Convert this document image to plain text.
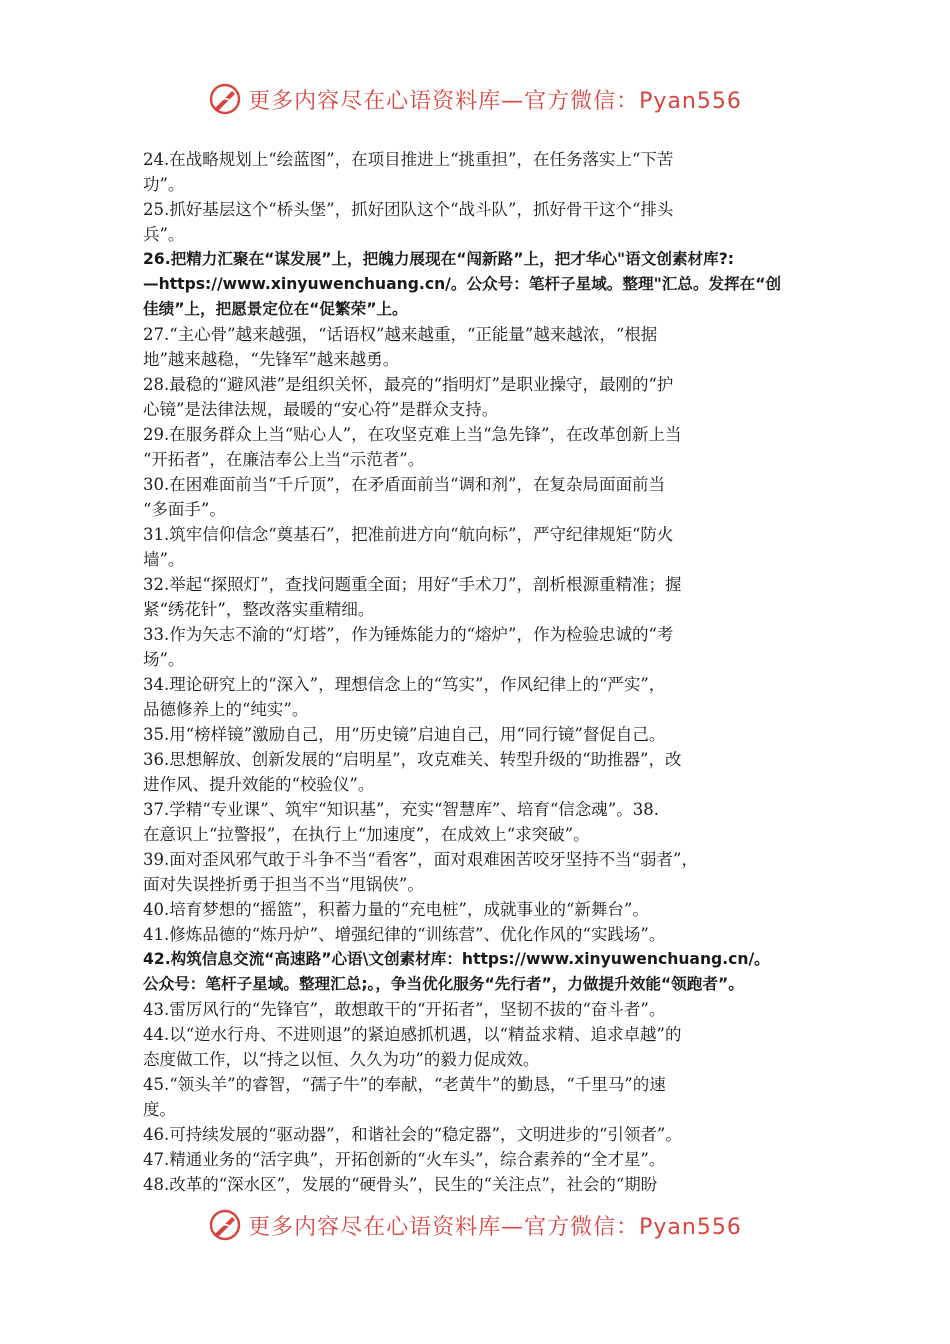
更多内容尽在心语资料库—官方微信：Pyan556
24.在战略规划上“绘蓝图”，在项目推进上“挑重担”，在任务落实上“下苦
功”。
25.抓好基层这个“桥头堡”，抓好团队这个“战斗队”，抓好骨干这个“排头
兵”。
26.把精力汇聚在“谋发展”上，把魄力展现在“闯新路”上，把才华心"语文创素材库?:
—https://www.xinyuwenchuang.cn/。公众号：笔杆子星域。整理"汇总。发挥在“创
佳绩”上，把愿景定位在“促繁荣”上。
27.“主心骨”越来越强，“话语权”越来越重，“正能量”越来越浓，“根据
地”越来越稳，“先锋军”越来越勇。
28.最稳的“避风港”是组织关怀，最亮的“指明灯”是职业操守，最刚的“护
心镜”是法律法规，最暖的“安心符”是群众支持。
29.在服务群众上当“贴心人”，在攻坚克难上当“急先锋”，在改革创新上当
“开拓者”，在廉洁奉公上当“示范者”。
30.在困难面前当“千斤顶”，在矛盾面前当“调和剂”，在复杂局面面前当
“多面手”。
31.筑牢信仰信念“奠基石”，把准前进方向“航向标”，严守纪律规矩“防火
墙”。
32.举起“探照灯”，查找问题重全面；用好“手术刀”，剖析根源重精准；握
紧“绣花针”，整改落实重精细。
33.作为矢志不渝的“灯塔”，作为锤炼能力的“熔炉”，作为检验忠诚的“考
场”。
34.理论研究上的“深入”，理想信念上的“笃实”，作风纪律上的“严实”，
品德修养上的“纯实”。
35.用“榜样镜”激励自己，用“历史镜”启迪自己，用“同行镜”督促自己。
36.思想解放、创新发展的“启明星”，攻克难关、转型升级的“助推器”，改
进作风、提升效能的“校验仪”。
37.学精“专业课”、筑牢“知识基”，充实“智慧库”、培育“信念魂”。38.
在意识上“拉警报”，在执行上“加速度”，在成效上“求突破”。
39.面对歪风邪气敢于斗争不当“看客”，面对艰难困苦咬牙坚持不当“弱者”，
面对失误挫折勇于担当不当“甩锅侠”。
40.培育梦想的“摇篮”，积蓄力量的“充电桩”，成就事业的“新舞台”。
41.修炼品德的“炼丹炉”、增强纪律的“训练营”、优化作风的“实践场”。
42.构筑信息交流“高速路”心语\文创素材库：https://www.xinyuwenchuang.cn/。
公众号：笔杆子星域。整理汇总;。，争当优化服务“先行者”，力做提升效能“领跑者”。
43.雷厉风行的“先锋官”，敢想敢干的“开拓者”，坚韧不拔的“奋斗者”。
44.以“逆水行舟、不进则退”的紧迫感抓机遇，以“精益求精、追求卓越”的
态度做工作，以“持之以恒、久久为功”的毅力促成效。
45.“领头羊”的睿智，“孺子牛”的奉献，“老黄牛”的勤恳，“千里马”的速
度。
46.可持续发展的“驱动器”，和谐社会的“稳定器”，文明进步的“引领者”。
47.精通业务的“活字典”，开拓创新的“火车头”，综合素养的“全才星”。
48.改革的“深水区”，发展的“硬骨头”，民生的“关注点”，社会的“期盼
更多内容尽在心语资料库—官方微信：Pyan556
